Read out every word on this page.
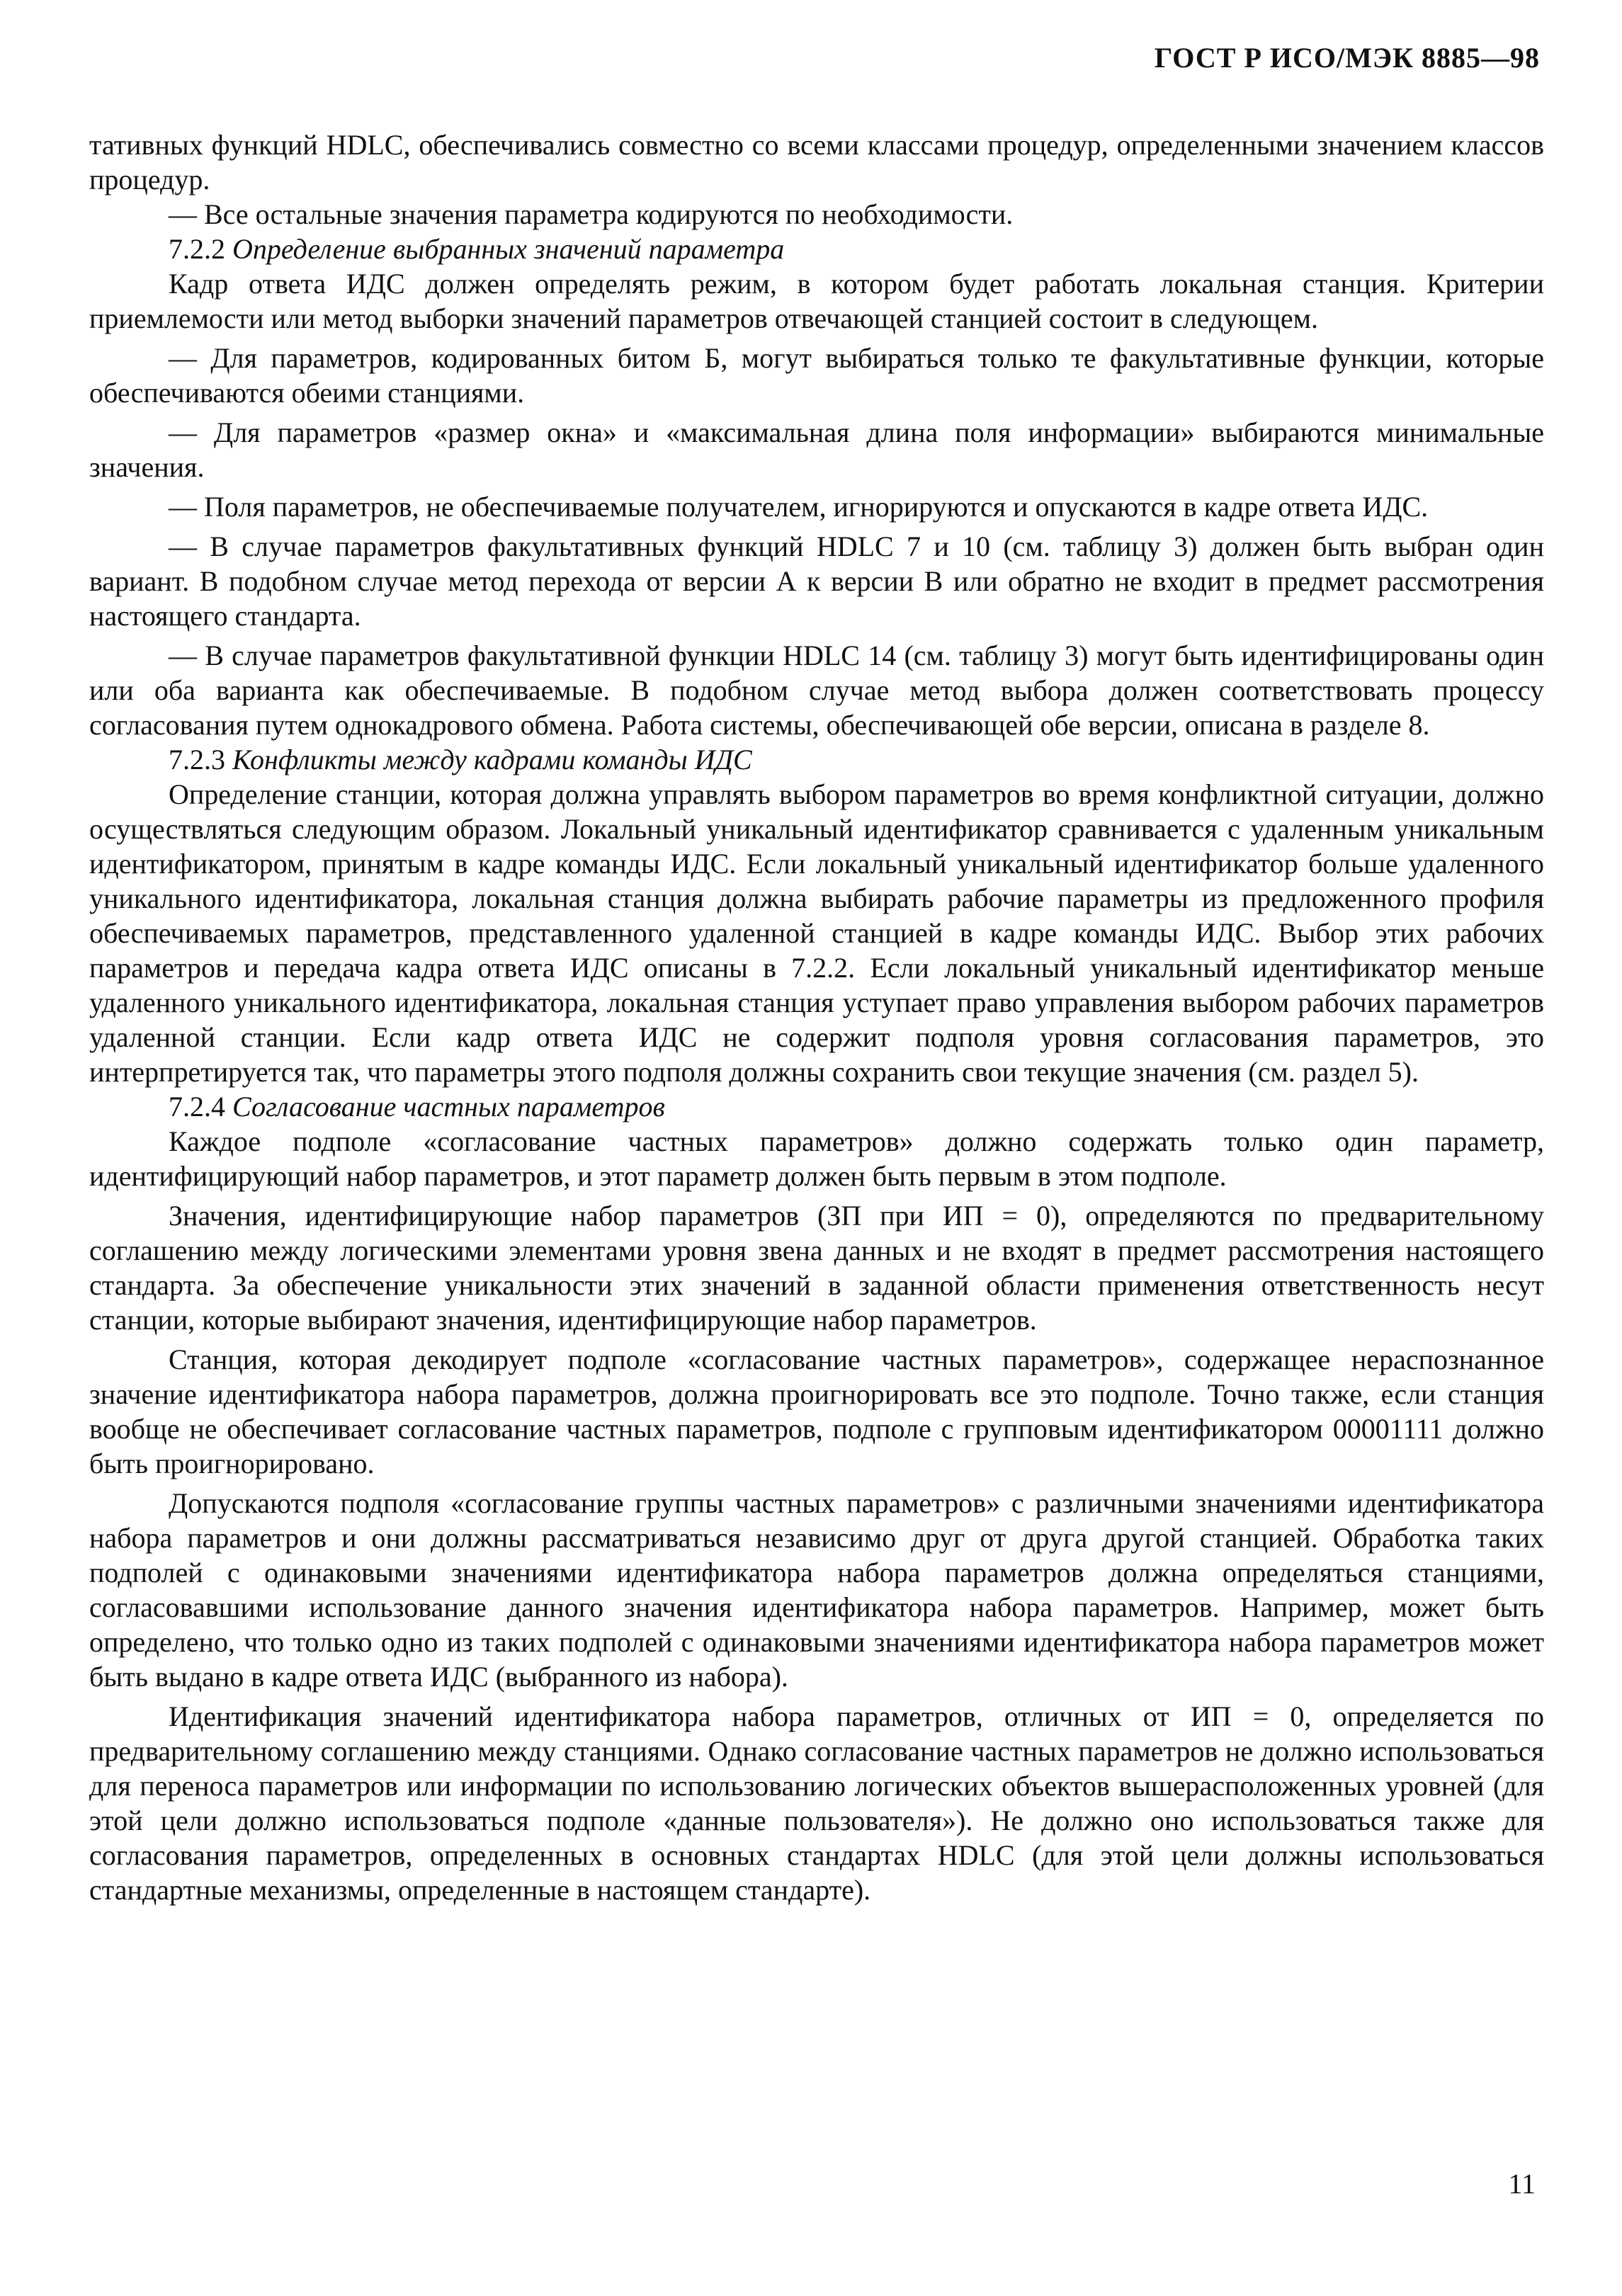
ГОСТ Р ИСО/МЭК 8885—98

тативных функций HDLC, обеспечивались совместно со всеми классами процедур, определенными значением классов процедур.

— Все остальные значения параметра кодируются по необходимости.

7.2.2 Определение выбранных значений параметра

Кадр ответа ИДС должен определять режим, в котором будет работать локальная станция. Критерии приемлемости или метод выборки значений параметров отвечающей станцией состоит в следующем.

— Для параметров, кодированных битом Б, могут выбираться только те факультативные функции, которые обеспечиваются обеими станциями.

— Для параметров «размер окна» и «максимальная длина поля информации» выбираются минимальные значения.

— Поля параметров, не обеспечиваемые получателем, игнорируются и опускаются в кадре ответа ИДС.

— В случае параметров факультативных функций HDLC 7 и 10 (см. таблицу 3) должен быть выбран один вариант. В подобном случае метод перехода от версии А к версии В или обратно не входит в предмет рассмотрения настоящего стандарта.

— В случае параметров факультативной функции HDLC 14 (см. таблицу 3) могут быть идентифицированы один или оба варианта как обеспечиваемые. В подобном случае метод выбора должен соответствовать процессу согласования путем однокадрового обмена. Работа системы, обеспечивающей обе версии, описана в разделе 8.

7.2.3 Конфликты между кадрами команды ИДС

Определение станции, которая должна управлять выбором параметров во время конфликтной ситуации, должно осуществляться следующим образом. Локальный уникальный идентификатор сравнивается с удаленным уникальным идентификатором, принятым в кадре команды ИДС. Если локальный уникальный идентификатор больше удаленного уникального идентификатора, локальная станция должна выбирать рабочие параметры из предложенного профиля обеспечиваемых параметров, представленного удаленной станцией в кадре команды ИДС. Выбор этих рабочих параметров и передача кадра ответа ИДС описаны в 7.2.2. Если локальный уникальный идентификатор меньше удаленного уникального идентификатора, локальная станция уступает право управления выбором рабочих параметров удаленной станции. Если кадр ответа ИДС не содержит подполя уровня согласования параметров, это интерпретируется так, что параметры этого подполя должны сохранить свои текущие значения (см. раздел 5).

7.2.4 Согласование частных параметров

Каждое подполе «согласование частных параметров» должно содержать только один параметр, идентифицирующий набор параметров, и этот параметр должен быть первым в этом подполе.

Значения, идентифицирующие набор параметров (ЗП при ИП = 0), определяются по предварительному соглашению между логическими элементами уровня звена данных и не входят в предмет рассмотрения настоящего стандарта. За обеспечение уникальности этих значений в заданной области применения ответственность несут станции, которые выбирают значения, идентифицирующие набор параметров.

Станция, которая декодирует подполе «согласование частных параметров», содержащее нераспознанное значение идентификатора набора параметров, должна проигнорировать все это подполе. Точно также, если станция вообще не обеспечивает согласование частных параметров, подполе с групповым идентификатором 00001111 должно быть проигнорировано.

Допускаются подполя «согласование группы частных параметров» с различными значениями идентификатора набора параметров и они должны рассматриваться независимо друг от друга другой станцией. Обработка таких подполей с одинаковыми значениями идентификатора набора параметров должна определяться станциями, согласовавшими использование данного значения идентификатора набора параметров. Например, может быть определено, что только одно из таких подполей с одинаковыми значениями идентификатора набора параметров может быть выдано в кадре ответа ИДС (выбранного из набора).

Идентификация значений идентификатора набора параметров, отличных от ИП = 0, определяется по предварительному соглашению между станциями. Однако согласование частных параметров не должно использоваться для переноса параметров или информации по использованию логических объектов вышерасположенных уровней (для этой цели должно использоваться подполе «данные пользователя»). Не должно оно использоваться также для согласования параметров, определенных в основных стандартах HDLC (для этой цели должны использоваться стандартные механизмы, определенные в настоящем стандарте).

11
